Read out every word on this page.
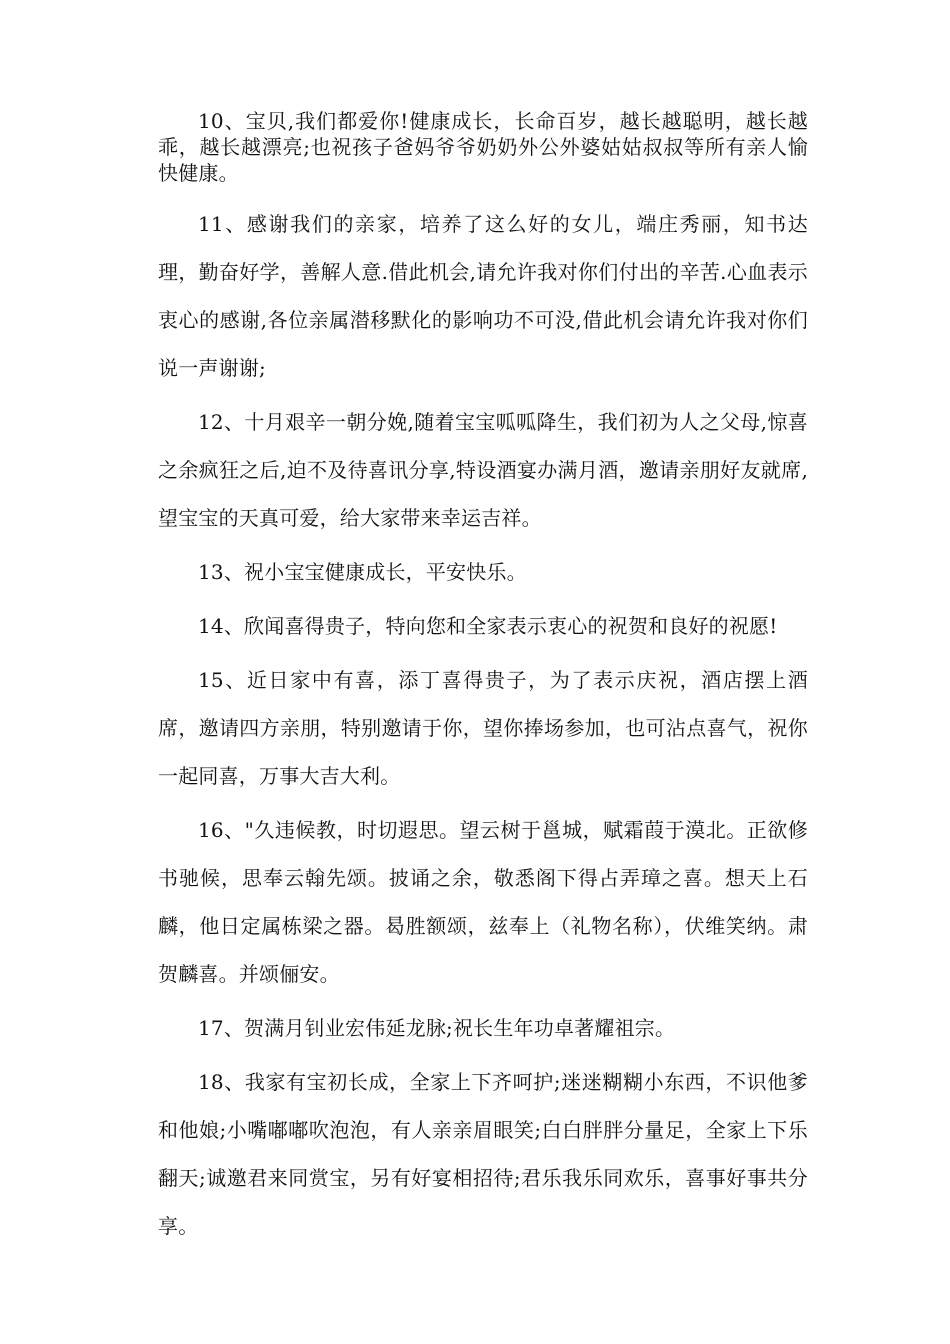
10、宝贝,我们都爱你!健康成长，长命百岁，越长越聪明，越长越乖，越长越漂亮;也祝孩子爸妈爷爷奶奶外公外婆姑姑叔叔等所有亲人愉快健康。

11、感谢我们的亲家，培养了这么好的女儿，端庄秀丽，知书达理，勤奋好学，善解人意.借此机会,请允许我对你们付出的辛苦.心血表示衷心的感谢,各位亲属潜移默化的影响功不可没,借此机会请允许我对你们说一声谢谢;

12、十月艰辛一朝分娩,随着宝宝呱呱降生，我们初为人之父母,惊喜之余疯狂之后,迫不及待喜讯分享,特设酒宴办满月酒，邀请亲朋好友就席,望宝宝的天真可爱，给大家带来幸运吉祥。

13、祝小宝宝健康成长，平安快乐。

14、欣闻喜得贵子，特向您和全家表示衷心的祝贺和良好的祝愿!

15、近日家中有喜，添丁喜得贵子，为了表示庆祝，酒店摆上酒席，邀请四方亲朋，特别邀请于你，望你捧场参加，也可沾点喜气，祝你一起同喜，万事大吉大利。

16、"久违候教，时切遐思。望云树于邕城，赋霜葭于漠北。正欲修书驰候，思奉云翰先颂。披诵之余，敬悉阁下得占弄璋之喜。想天上石麟，他日定属栋梁之器。曷胜额颂，兹奉上（礼物名称），伏维笑纳。肃贺麟喜。并颂俪安。

17、贺满月钊业宏伟延龙脉;祝长生年功卓著耀祖宗。

18、我家有宝初长成，全家上下齐呵护;迷迷糊糊小东西，不识他爹和他娘;小嘴嘟嘟吹泡泡，有人亲亲眉眼笑;白白胖胖分量足，全家上下乐翻天;诚邀君来同赏宝，另有好宴相招待;君乐我乐同欢乐，喜事好事共分享。
